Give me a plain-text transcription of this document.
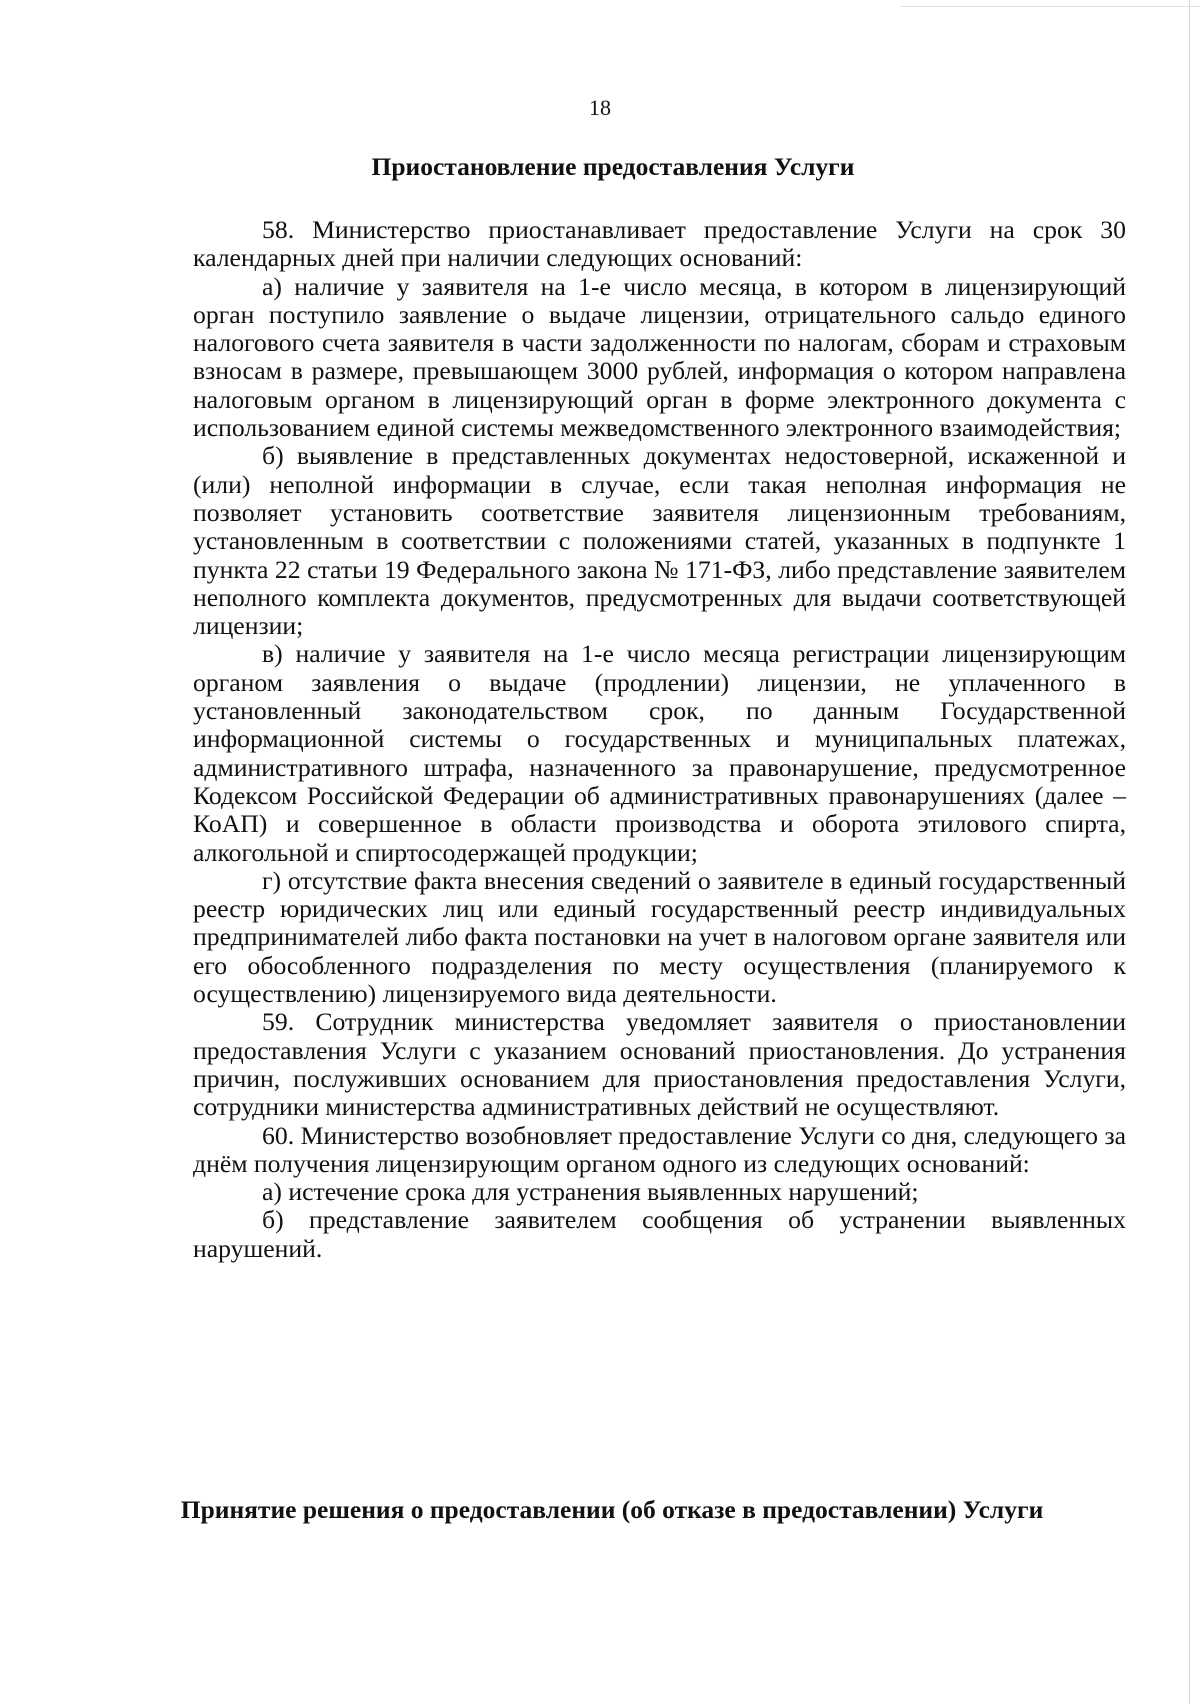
18
Приостановление предоставления Услуги

58. Министерство приостанавливает предоставление Услуги на срок 30 календарных дней при наличии следующих оснований:

а) наличие у заявителя на 1-е число месяца, в котором в лицензирующий орган поступило заявление о выдаче лицензии, отрицательного сальдо единого налогового счета заявителя в части задолженности по налогам, сборам и страховым взносам в размере, превышающем 3000 рублей, информация о котором направлена налоговым органом в лицензирующий орган в форме электронного документа с использованием единой системы межведомственного электронного взаимодействия;

б) выявление в представленных документах недостоверной, искаженной и (или) неполной информации в случае, если такая неполная информация не позволяет установить соответствие заявителя лицензионным требованиям, установленным в соответствии с положениями статей, указанных в подпункте 1 пункта 22 статьи 19 Федерального закона № 171-ФЗ, либо представление заявителем неполного комплекта документов, предусмотренных для выдачи соответствующей лицензии;

в) наличие у заявителя на 1-е число месяца регистрации лицензирующим органом заявления о выдаче (продлении) лицензии, не уплаченного в установленный законодательством срок, по данным Государственной информационной системы о государственных и муниципальных платежах, административного штрафа, назначенного за правонарушение, предусмотренное Кодексом Российской Федерации об административных правонарушениях (далее – КоАП) и совершенное в области производства и оборота этилового спирта, алкогольной и спиртосодержащей продукции;

г) отсутствие факта внесения сведений о заявителе в единый государственный реестр юридических лиц или единый государственный реестр индивидуальных предпринимателей либо факта постановки на учет в налоговом органе заявителя или его обособленного подразделения по месту осуществления (планируемого к осуществлению) лицензируемого вида деятельности.

59. Сотрудник министерства уведомляет заявителя о приостановлении предоставления Услуги с указанием оснований приостановления. До устранения причин, послуживших основанием для приостановления предоставления Услуги, сотрудники министерства административных действий не осуществляют.

60. Министерство возобновляет предоставление Услуги со дня, следующего за днём получения лицензирующим органом одного из следующих оснований:

а) истечение срока для устранения выявленных нарушений;

б) представление заявителем сообщения об устранении выявленных нарушений.

Принятие решения о предоставлении (об отказе в предоставлении) Услуги
